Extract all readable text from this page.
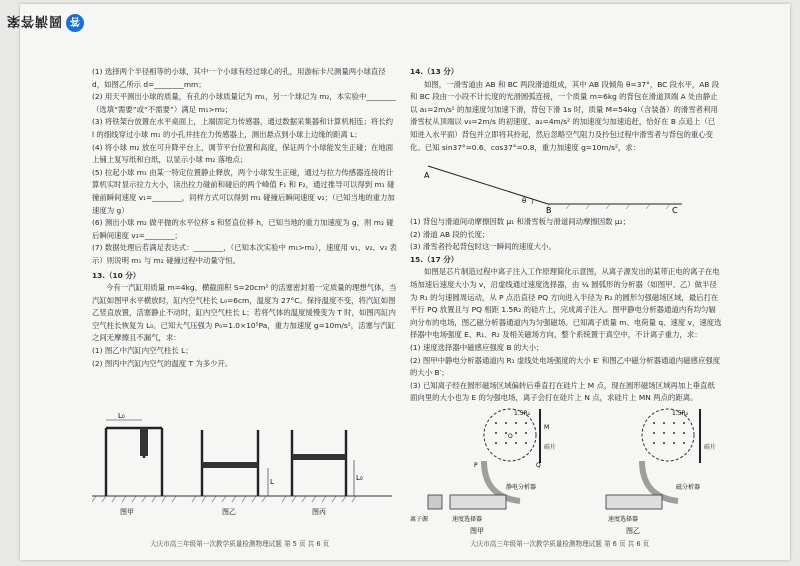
答
圆满答案

(1) 选择两个半径相等的小球，其中一个小球有经过球心的孔，用游标卡尺测量两小球直径 d，如图乙所示 d=________mm；

(2) 用天平测出小球的质量，有孔的小球质量记为 m₁，另一个球记为 m₂，本实验中________（选填“需要”或“不需要”）满足 m₁>m₂；

(3) 将铁架台放置在水平桌面上，上端固定力传感器，通过数据采集器和计算机相连；将长约 l 的细线穿过小球 m₁ 的小孔并挂在力传感器上，测出悬点到小球上边缘的距离 L；

(4) 将小球 m₂ 放在可升降平台上，调节平台位置和高度，保证两个小球能发生正碰；在地面上铺上复写纸和白纸，以显示小球 m₂ 落地点；

(5) 拉起小球 m₁ 由某一特定位置静止释放，两个小球发生正碰，通过与拉力传感器连接的计算机实时显示拉力大小，读出拉力碰前和碰后的两个峰值 F₁ 和 F₂，通过推导可以得到 m₁ 碰撞前瞬间速度 v₁=________，同样方式可以得到 m₁ 碰撞后瞬间速度 v₂；（已知当地的重力加速度为 g）

(6) 测出小球 m₂ 做平抛的水平位移 s 和竖直位移 h，已知当地的重力加速度为 g，则 m₂ 碰后瞬间速度 v₃=________；

(7) 数据处理后若满足表达式：________，（已知本次实验中 m₁>m₂），速度用 v₁、v₂、v₃ 表示）则说明 m₁ 与 m₂ 碰撞过程中动量守恒。

13.（10 分）

今有一汽缸用质量 m=4kg、横截面积 S=20cm² 的活塞密封着一定质量的理想气体，当汽缸如图甲水平横放时，缸内空气柱长 L₀=6cm，温度为 27°C。保持温度不变，将汽缸如图乙竖直放置，活塞静止不动时，缸内空气柱长 L；若将气体的温度缓慢变为 T 时，如图丙缸内空气柱长恢复为 L₀。已知大气压强为 P₀=1.0×10⁵Pa，重力加速度 g=10m/s²，活塞与汽缸之间无摩擦且不漏气，求：

(1) 图乙中汽缸内空气柱长 L；

(2) 图丙中汽缸内空气的温度 T 为多少开。

L₀
图甲	图乙
L
图丙
L₀

14.（13 分）

如图，一滑雪道由 AB 和 BC 两段滑道组成，其中 AB 段倾角 θ=37°，BC 段水平，AB 段和 BC 段由一小段不计长度的光滑圆弧连接，一个质量 m=6kg 的背包在滑道顶端 A 处由静止以 a₁=2m/s² 的加速度匀加速下滑，背包下滑 1s 时，质量 M=54kg（含装备）的滑雪者利用滑雪杖从顶端以 v₀=2m/s 的初速度、a₂=4m/s² 的加速度匀加速追赶，恰好在 B 点追上（已知进入水平面）背包并立即将其拎起，然后忽略空气阻力及拎包过程中滑雪者与背包的重心变化。已知 sin37°=0.6、cos37°=0.8，重力加速度 g=10m/s²，求：

A
B	C
θ

(1) 背包与滑道间动摩擦因数 μ₁ 和滑雪板与滑道间动摩擦因数 μ₂；

(2) 滑道 AB 段的长度；

(3) 滑雪者拎起背包时这一瞬间的速度大小。

15.（17 分）

如图是芯片制造过程中离子注入工作原理简化示意图，从离子源发出的某带正电的离子在电场加速后速度大小为 v，沿虚线通过速度选择器，由 ¼ 圆弧形的分析器（如图甲、乙）做半径为 R₁ 的匀速圆周运动，从 P 点沿直径 PQ 方向进入半径为 R₂ 的圆形匀强磁场区域，最后打在平行 PQ 放置且与 PQ 相距 1.5R₂ 的硅片上，完成离子注入。图甲静电分析器通道内有均匀辐向分布的电场，图乙磁分析器通道内为匀强磁场。已知离子质量 m、电荷量 q、速度 v，速度选择器中电场强度 E、R₁、R₂ 及相关磁场方向，整个系统置于真空中，不计离子重力，求：

(1) 速度选择器中磁感应强度 B 的大小；

(2) 图甲中静电分析器通道内 R₁ 虚线处电场强度的大小 E′ 和图乙中磁分析器通道内磁感应强度的大小 B′；

(3) 已知离子经在圆形磁场区域偏转后垂直打在硅片上 M 点，现在圆形磁场区域再加上垂直纸面向里的大小也为 E 的匀强电场，离子会打在硅片上 N 点，求硅片上 MN 两点的距离。

1.5R₂
M
P	Q
O
硅片
静电分析器
速度选择器
离子源
图甲
1.5R₂
硅片
磁分析器
速度选择器
图乙
大庆市高三年级第一次教学质量检测物理试题 第 5 页 共 6 页	大庆市高三年级第一次教学质量检测物理试题 第 6 页 共 6 页
